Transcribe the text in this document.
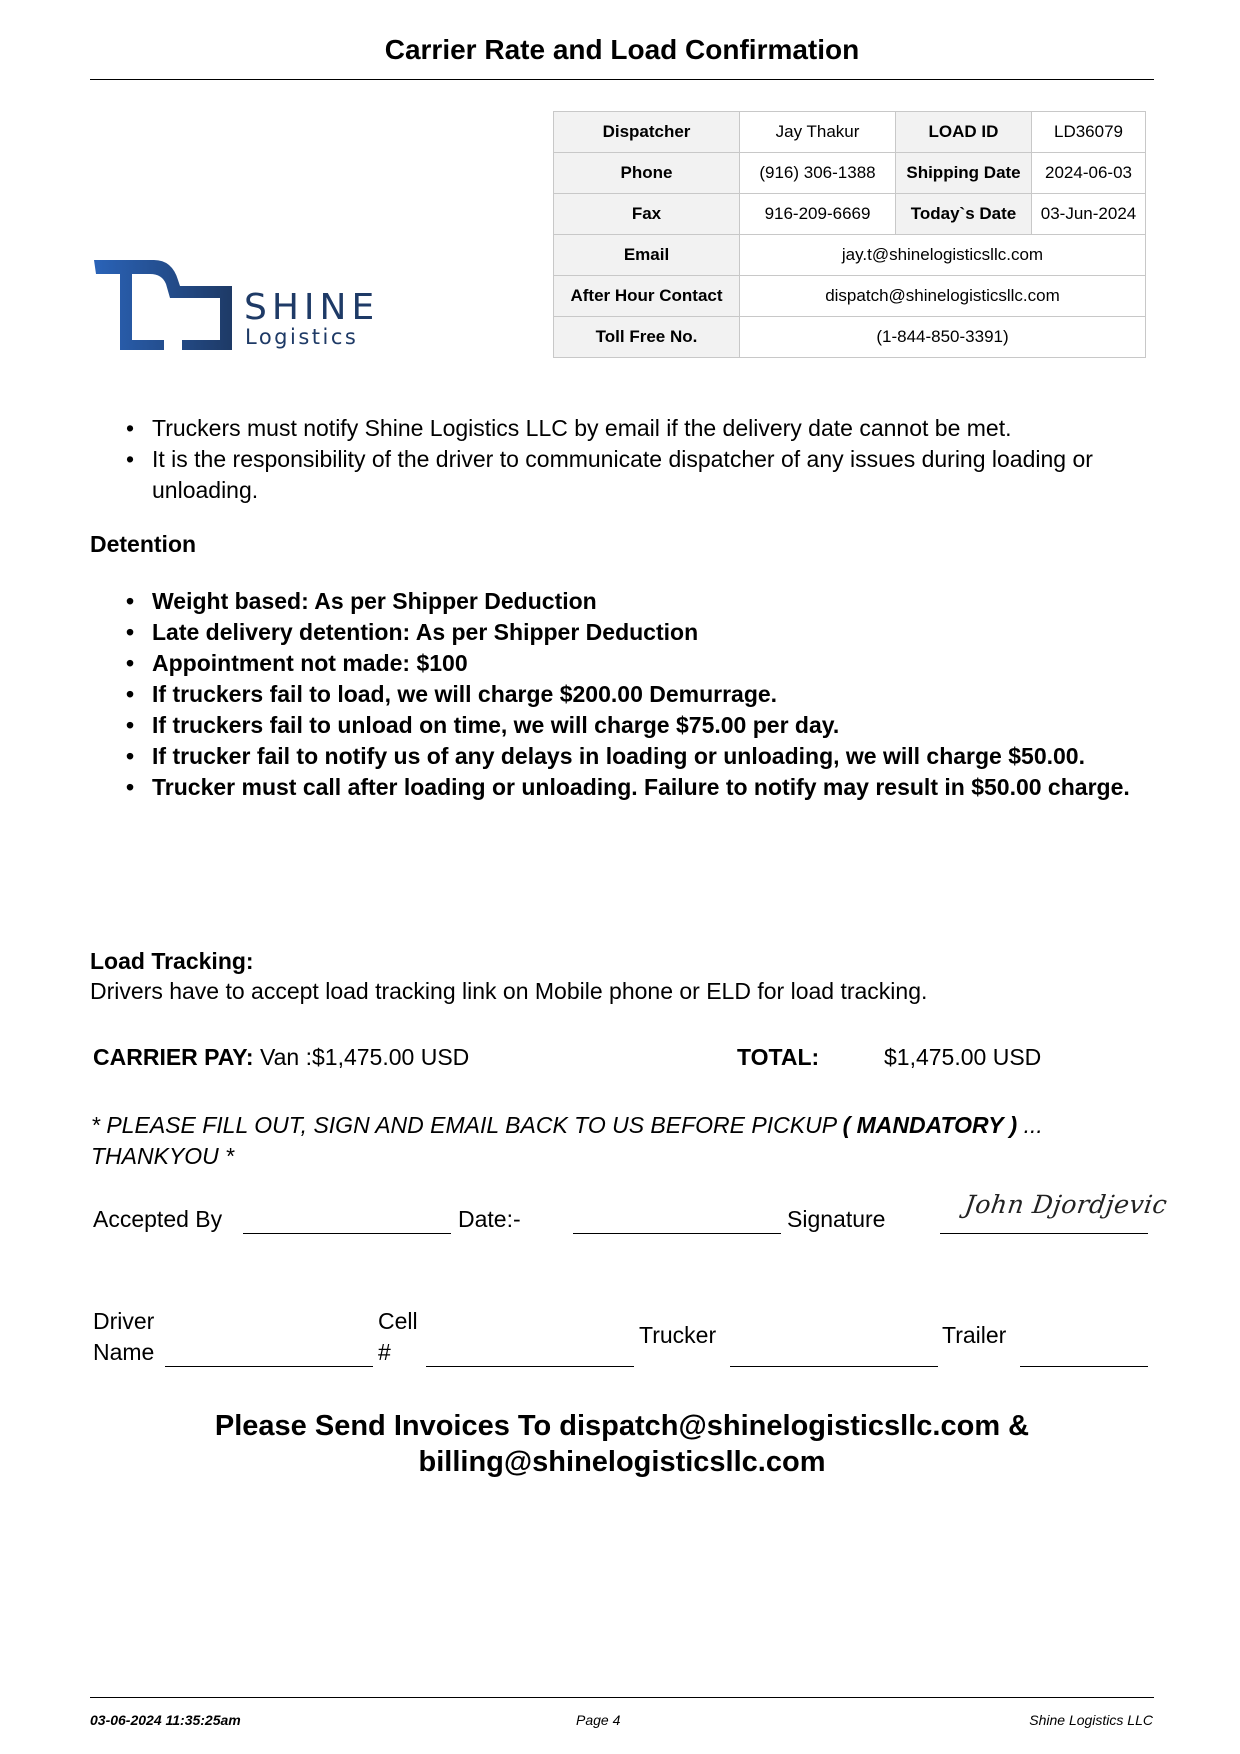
Carrier Rate and Load Confirmation
SHINE
Logistics
Dispatcher	Jay Thakur	LOAD ID	LD36079
Phone	(916) 306-1388	Shipping Date	2024-06-03
Fax	916-209-6669	Today`s Date	03-Jun-2024
Email	jay.t@shinelogisticsllc.com		
After Hour Contact	dispatch@shinelogisticsllc.com		
Toll Free No.	(1-844-850-3391)		
• Truckers must notify Shine Logistics LLC by email if the delivery date cannot be met.
• It is the responsibility of the driver to communicate dispatcher of any issues during loading or unloading.
Detention
• Weight based: As per Shipper Deduction
• Late delivery detention: As per Shipper Deduction
• Appointment not made: $100
• If truckers fail to load, we will charge $200.00 Demurrage.
• If truckers fail to unload on time, we will charge $75.00 per day.
• If trucker fail to notify us of any delays in loading or unloading, we will charge $50.00.
• Trucker must call after loading or unloading. Failure to notify may result in $50.00 charge.
Load Tracking:
Drivers have to accept load tracking link on Mobile phone or ELD for load tracking.
CARRIER PAY: Van :$1,475.00 USD	TOTAL:	$1,475.00 USD
* PLEASE FILL OUT, SIGN AND EMAIL BACK TO US BEFORE PICKUP ( MANDATORY ) ... THANKYOU *
Accepted By	Date:-	Signature	John Djordjevic
Driver
Name
Cell
#
Trucker	Trailer
Please Send Invoices To dispatch@shinelogisticsllc.com & billing@shinelogisticsllc.com
03-06-2024 11:35:25am	Page 4	Shine Logistics LLC
